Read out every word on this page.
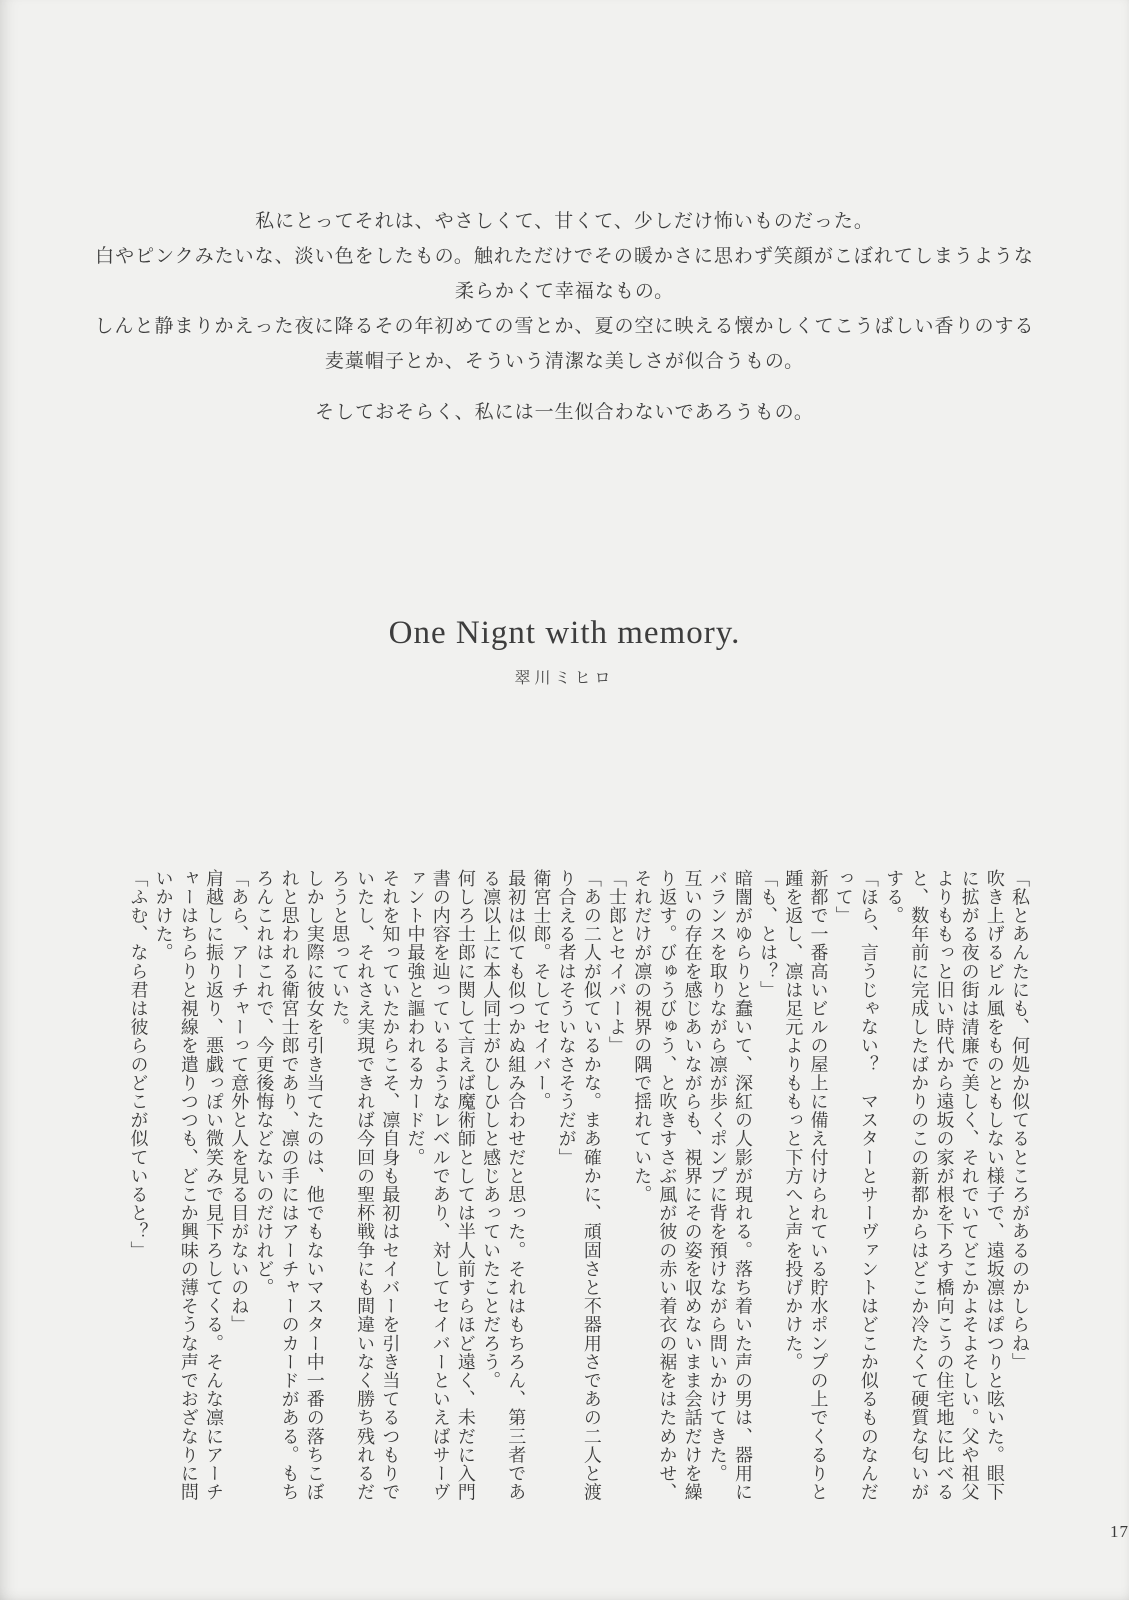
私にとってそれは、やさしくて、甘くて、少しだけ怖いものだった。

白やピンクみたいな、淡い色をしたもの。触れただけでその暖かさに思わず笑顔がこぼれてしまうような

柔らかくて幸福なもの。

しんと静まりかえった夜に降るその年初めての雪とか、夏の空に映える懐かしくてこうばしい香りのする

麦藁帽子とか、そういう清潔な美しさが似合うもの。

そしておそらく、私には一生似合わないであろうもの。

One Nignt with memory.
翠川ミヒロ

「私とあんたにも、何処か似てるところがあるのかしらね」

吹き上げるビル風をものともしない様子で、遠坂凛はぽつりと呟いた。眼下に拡がる夜の街は清廉で美しく、それでいてどこかよそよそしい。父や祖父よりももっと旧い時代から遠坂の家が根を下ろす橋向こうの住宅地に比べると、数年前に完成したばかりのこの新都からはどこか冷たくて硬質な匂いがする。

「ほら、言うじゃない？　マスターとサーヴァントはどこか似るものなんだって」

新都で一番高いビルの屋上に備え付けられている貯水ポンプの上でくるりと踵を返し、凛は足元よりももっと下方へと声を投げかけた。

「も、とは？」

暗闇がゆらりと蠢いて、深紅の人影が現れる。落ち着いた声の男は、器用にバランスを取りながら凛が歩くポンプに背を預けながら問いかけてきた。

互いの存在を感じあいながらも、視界にその姿を収めないまま会話だけを繰り返す。びゅうびゅう、と吹きすさぶ風が彼の赤い着衣の裾をはためかせ、それだけが凛の視界の隅で揺れていた。

「士郎とセイバーよ」

「あの二人が似ているかな。まあ確かに、頑固さと不器用さであの二人と渡り合える者はそういなさそうだが」

衛宮士郎。そしてセイバー。

最初は似ても似つかぬ組み合わせだと思った。それはもちろん、第三者である凛以上に本人同士がひしひしと感じあっていたことだろう。

何しろ士郎に関して言えば魔術師としては半人前すらほど遠く、未だに入門書の内容を辿っているようなレベルであり、対してセイバーといえばサーヴァント中最強と謳われるカードだ。

それを知っていたからこそ、凛自身も最初はセイバーを引き当てるつもりでいたし、それさえ実現できれば今回の聖杯戦争にも間違いなく勝ち残れるだろうと思っていた。

しかし実際に彼女を引き当てたのは、他でもないマスター中一番の落ちこぼれと思われる衛宮士郎であり、凛の手にはアーチャーのカードがある。もちろんこれはこれで、今更後悔などないのだけれど。

「あら、アーチャーって意外と人を見る目がないのね」

肩越しに振り返り、悪戯っぽい微笑みで見下ろしてくる。そんな凛にアーチャーはちらりと視線を遣りつつも、どこか興味の薄そうな声でおざなりに問いかけた。

「ふむ、なら君は彼らのどこが似ていると？」

17
